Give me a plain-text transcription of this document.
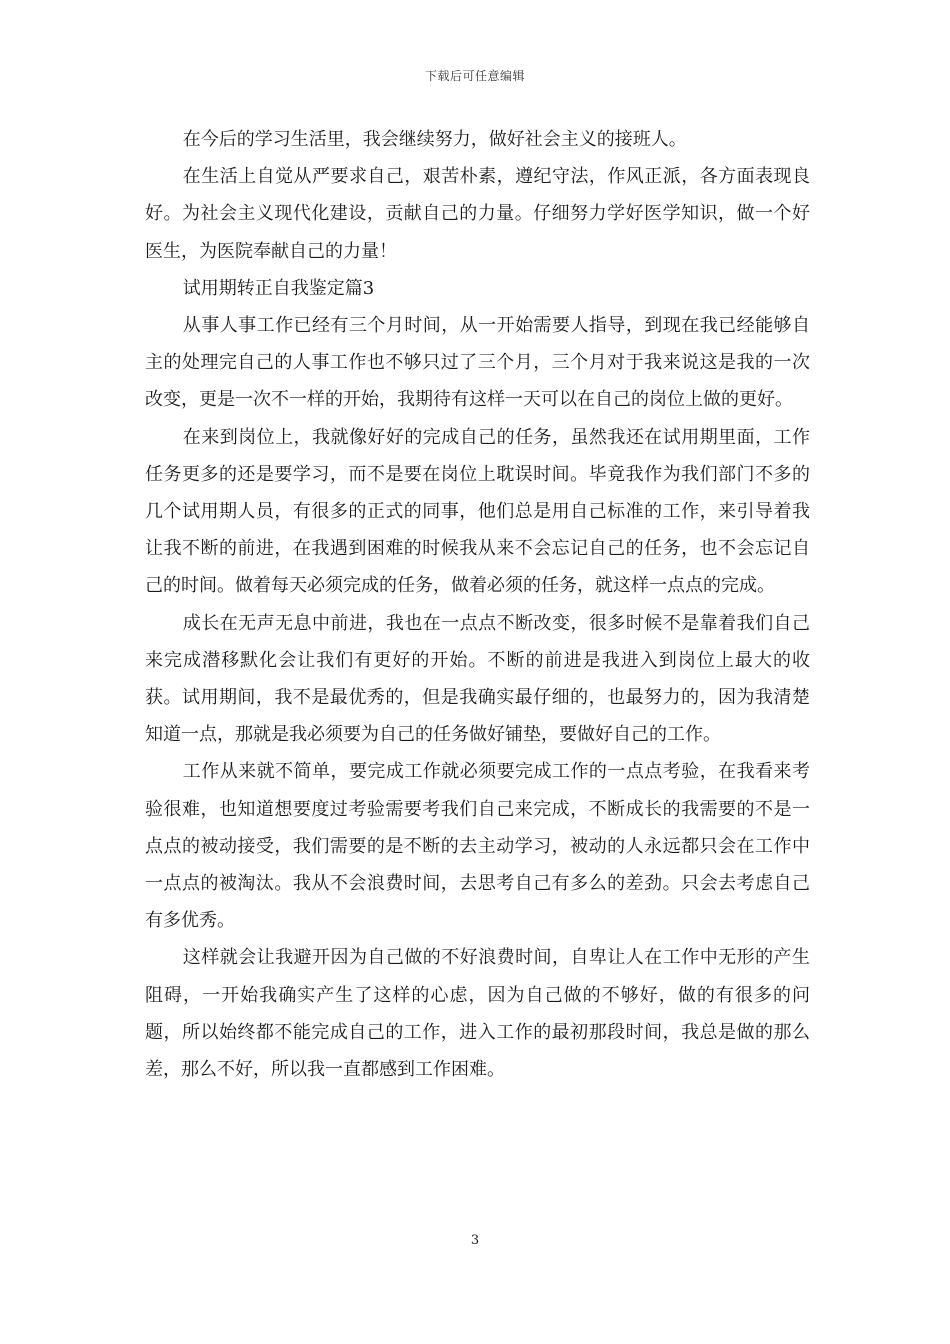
下载后可任意编辑

在今后的学习生活里，我会继续努力，做好社会主义的接班人。

在生活上自觉从严要求自己，艰苦朴素，遵纪守法，作风正派，各方面表现良好。为社会主义现代化建设，贡献自己的力量。仔细努力学好医学知识，做一个好医生，为医院奉献自己的力量！

试用期转正自我鉴定篇3

从事人事工作已经有三个月时间，从一开始需要人指导，到现在我已经能够自主的处理完自己的人事工作也不够只过了三个月，三个月对于我来说这是我的一次改变，更是一次不一样的开始，我期待有这样一天可以在自己的岗位上做的更好。

在来到岗位上，我就像好好的完成自己的任务，虽然我还在试用期里面，工作任务更多的还是要学习，而不是要在岗位上耽误时间。毕竟我作为我们部门不多的几个试用期人员，有很多的正式的同事，他们总是用自己标准的工作，来引导着我让我不断的前进，在我遇到困难的时候我从来不会忘记自己的任务，也不会忘记自己的时间。做着每天必须完成的任务，做着必须的任务，就这样一点点的完成。

成长在无声无息中前进，我也在一点点不断改变，很多时候不是靠着我们自己来完成潜移默化会让我们有更好的开始。不断的前进是我进入到岗位上最大的收获。试用期间，我不是最优秀的，但是我确实最仔细的，也最努力的，因为我清楚知道一点，那就是我必须要为自己的任务做好铺垫，要做好自己的工作。

工作从来就不简单，要完成工作就必须要完成工作的一点点考验，在我看来考验很难，也知道想要度过考验需要考我们自己来完成，不断成长的我需要的不是一点点的被动接受，我们需要的是不断的去主动学习，被动的人永远都只会在工作中一点点的被淘汰。我从不会浪费时间，去思考自己有多么的差劲。只会去考虑自己有多优秀。

这样就会让我避开因为自己做的不好浪费时间，自卑让人在工作中无形的产生阻碍，一开始我确实产生了这样的心虑，因为自己做的不够好，做的有很多的问题，所以始终都不能完成自己的工作，进入工作的最初那段时间，我总是做的那么差，那么不好，所以我一直都感到工作困难。

3
